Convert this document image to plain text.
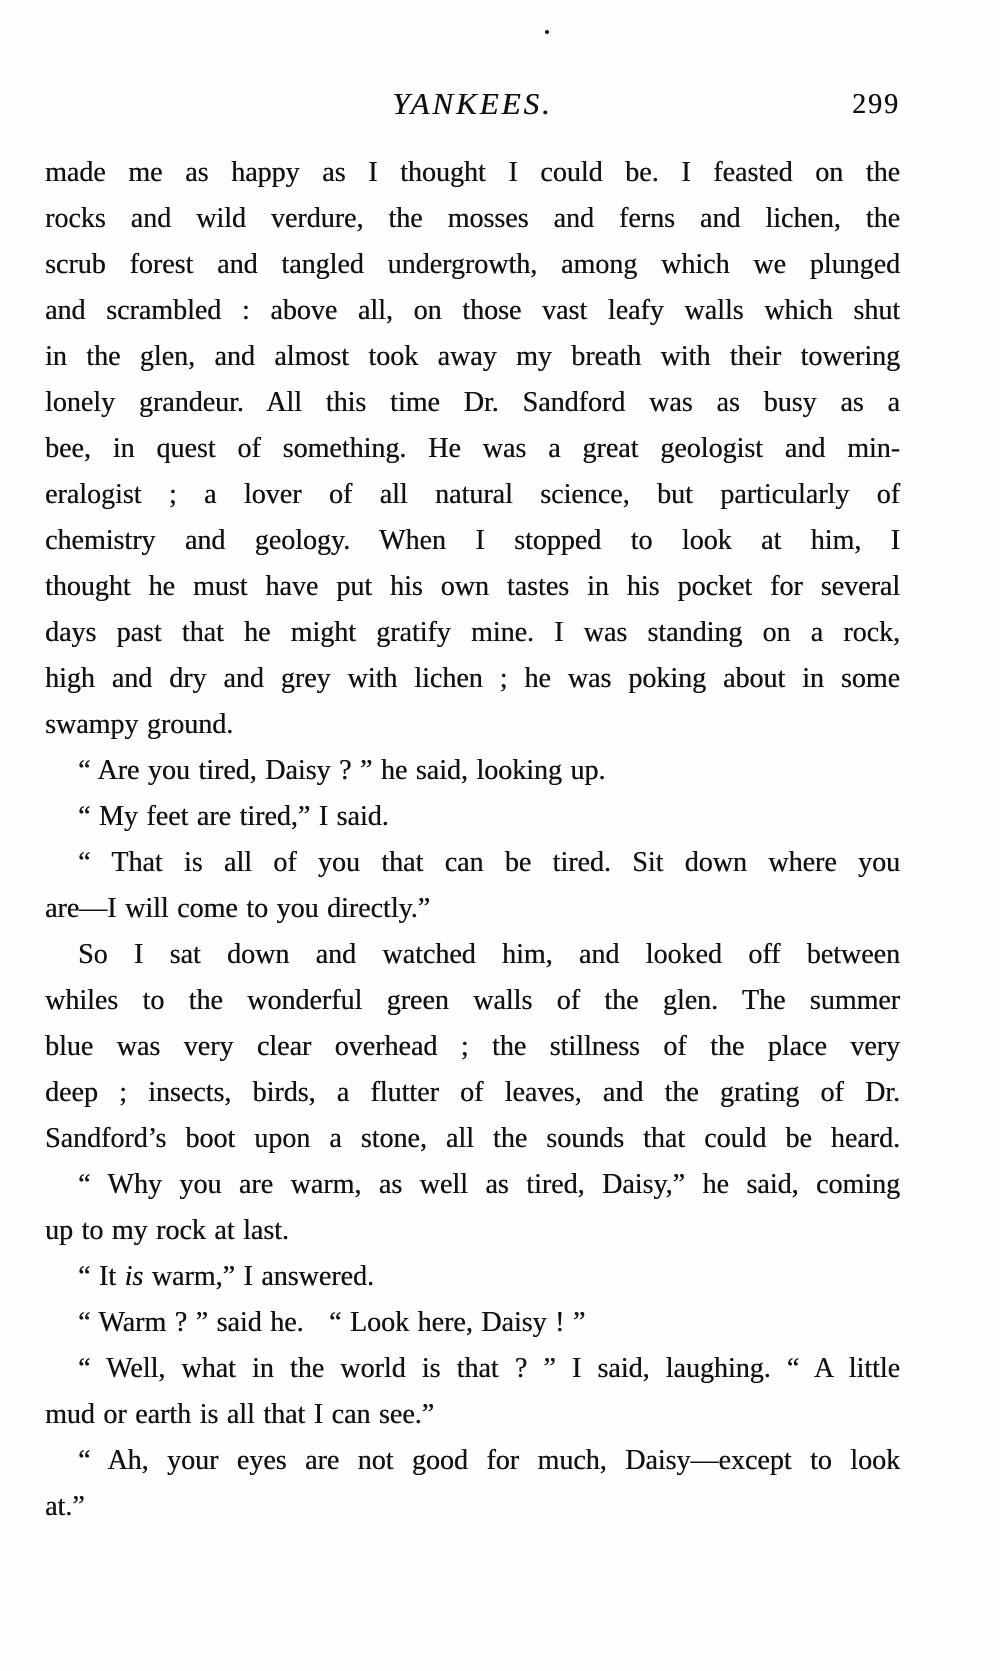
YANKEES.	299
made me as happy as I thought I could be. I feasted on the
rocks and wild verdure, the mosses and ferns and lichen, the
scrub forest and tangled undergrowth, among which we plunged
and scrambled : above all, on those vast leafy walls which shut
in the glen, and almost took away my breath with their towering
lonely grandeur. All this time Dr. Sandford was as busy as a
bee, in quest of something. He was a great geologist and min-
eralogist ; a lover of all natural science, but particularly of
chemistry and geology. When I stopped to look at him, I
thought he must have put his own tastes in his pocket for several
days past that he might gratify mine. I was standing on a rock,
high and dry and grey with lichen ; he was poking about in some
swampy ground.
“ Are you tired, Daisy ? ” he said, looking up.
“ My feet are tired,” I said.
“ That is all of you that can be tired. Sit down where you
are—I will come to you directly.”
So I sat down and watched him, and looked off between
whiles to the wonderful green walls of the glen. The summer
blue was very clear overhead ; the stillness of the place very
deep ; insects, birds, a flutter of leaves, and the grating of Dr.
Sandford’s boot upon a stone, all the sounds that could be heard.
“ Why you are warm, as well as tired, Daisy,” he said, coming
up to my rock at last.
“ It is warm,” I answered.
“ Warm ? ” said he.   “ Look here, Daisy ! ”
“ Well, what in the world is that ? ” I said, laughing. “ A little
mud or earth is all that I can see.”
“ Ah, your eyes are not good for much, Daisy—except to look
at.”
